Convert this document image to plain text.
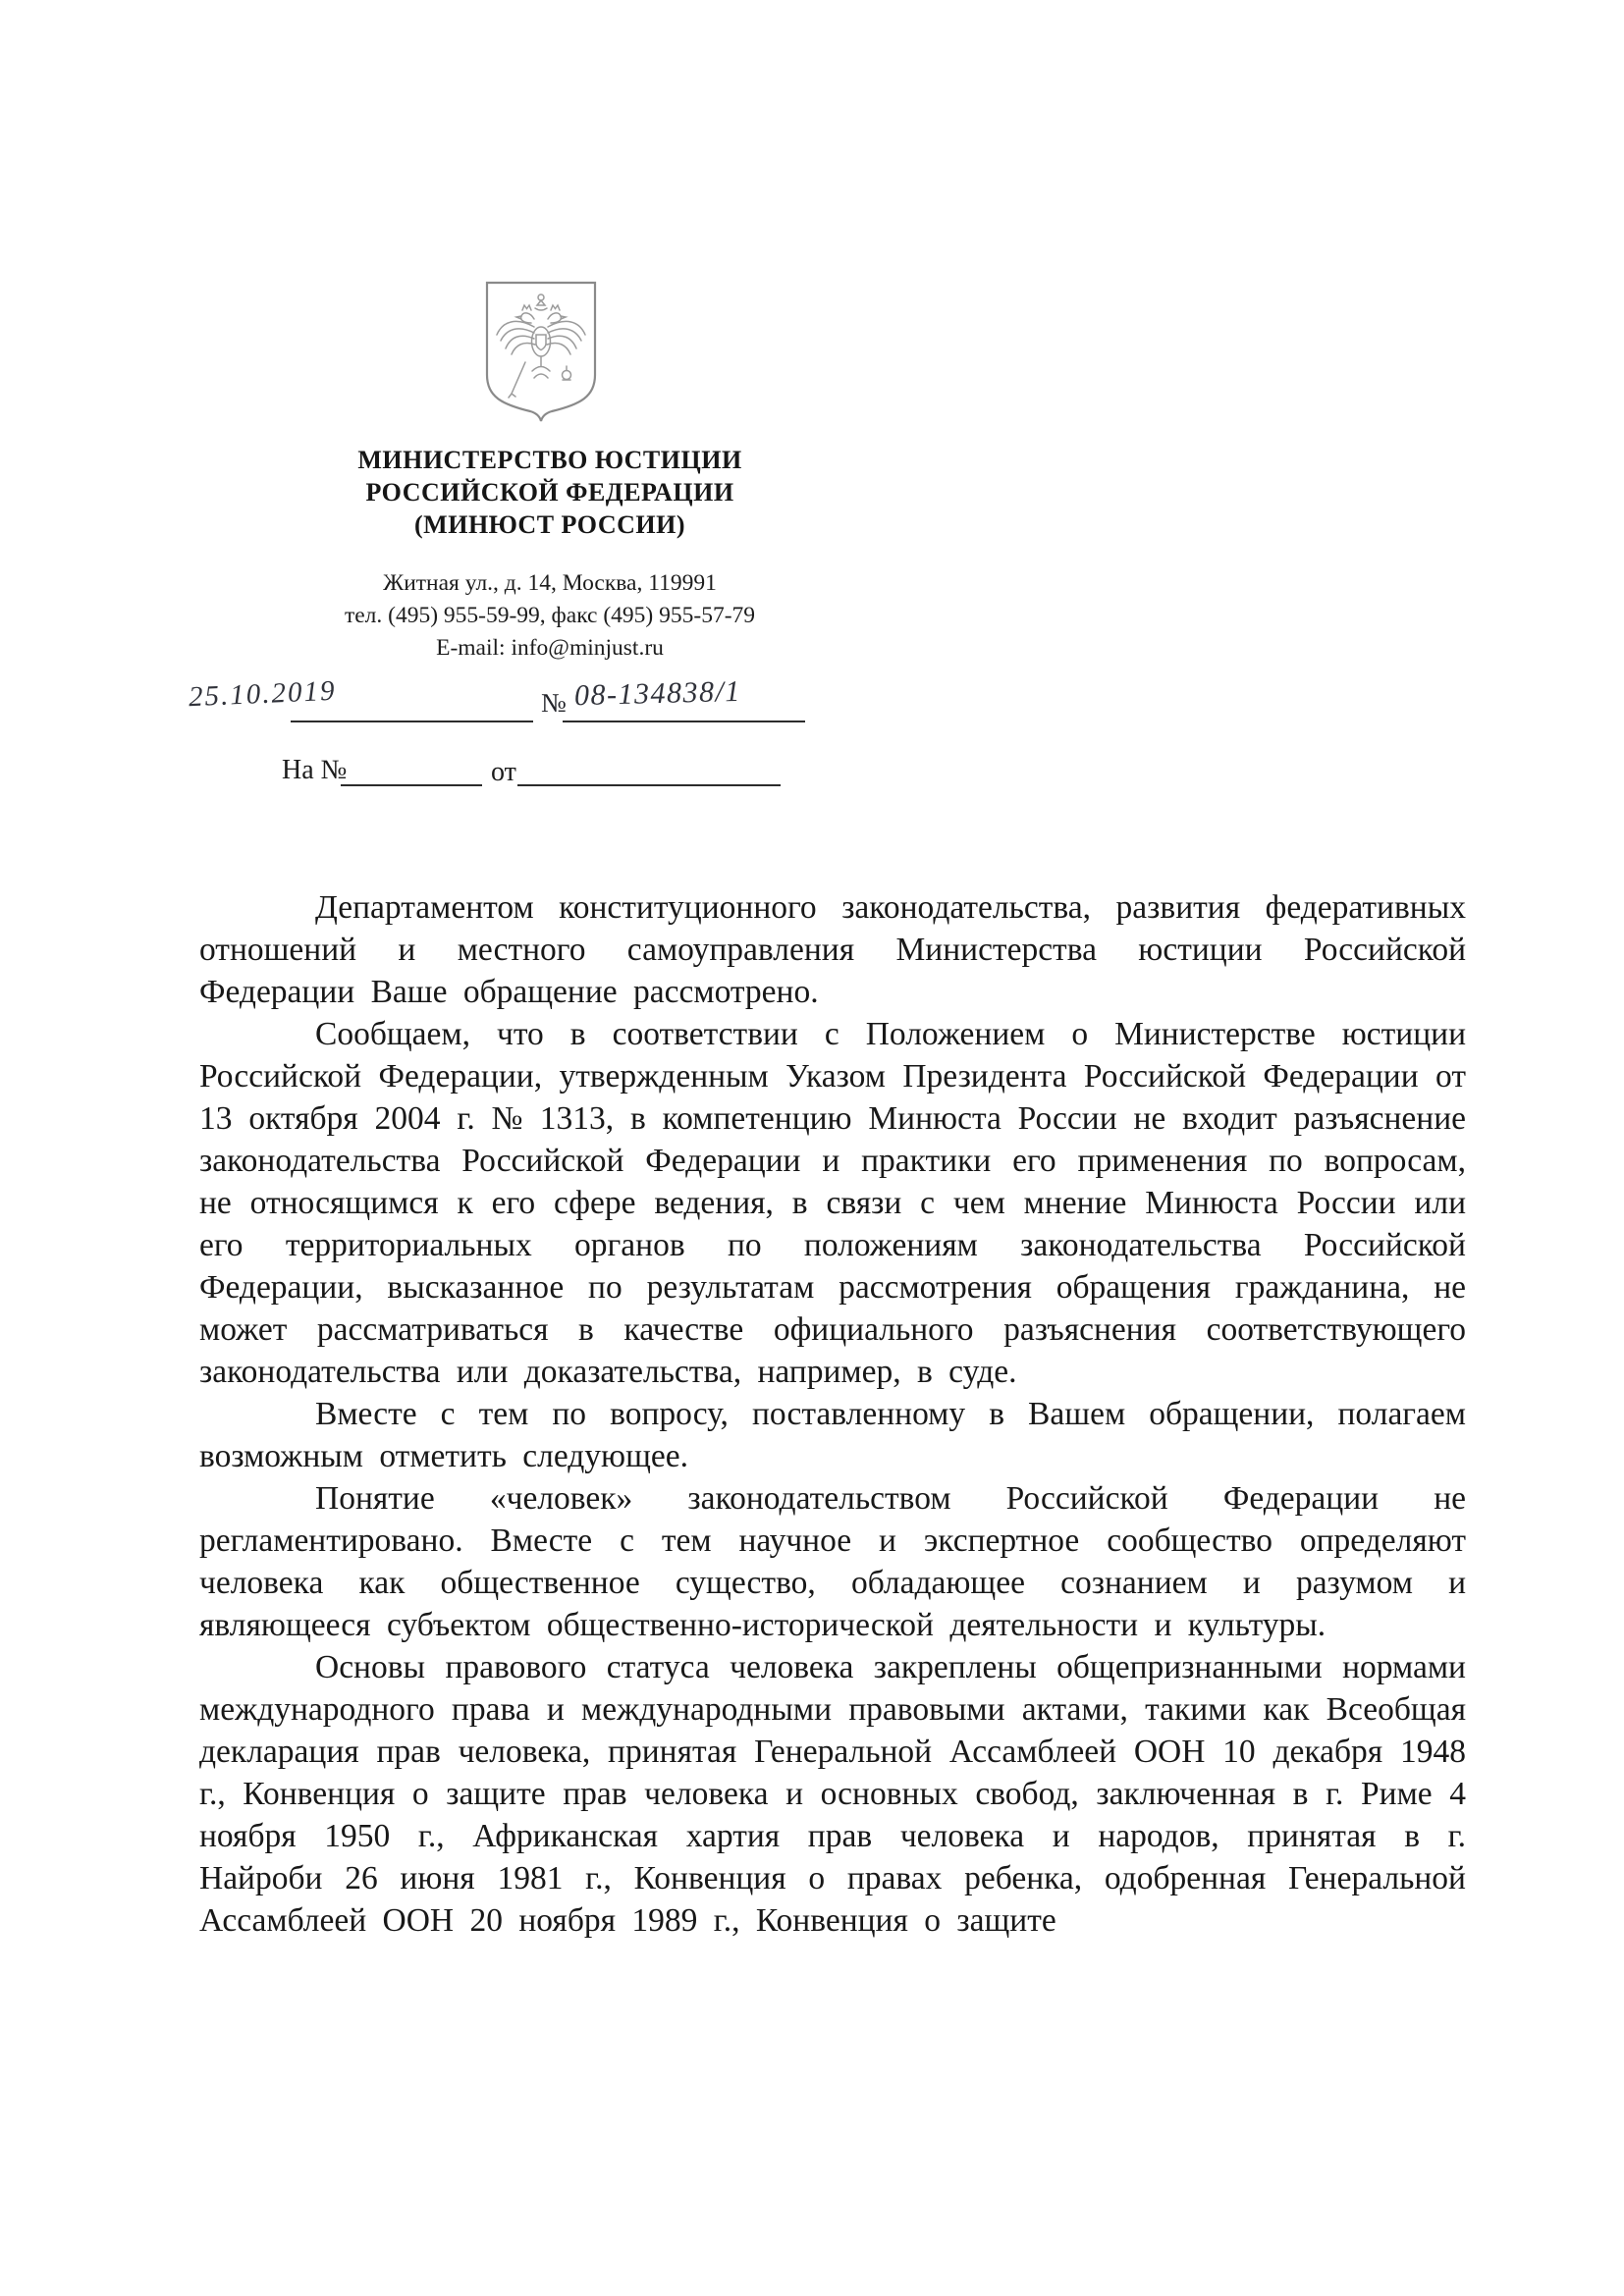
МИНИСТЕРСТВО ЮСТИЦИИ
РОССИЙСКОЙ ФЕДЕРАЦИИ
(МИНЮСТ РОССИИ)
Житная ул., д. 14, Москва, 119991
тел. (495) 955-59-99, факс (495) 955-57-79
E-mail: info@minjust.ru
25.10.2019	№ 08-134838/1
На №	от

Департаментом конституционного законодательства, развития федеративных отношений и местного самоуправления Министерства юстиции Российской Федерации Ваше обращение рассмотрено.

Сообщаем, что в соответствии с Положением о Министерстве юстиции Российской Федерации, утвержденным Указом Президента Российской Федерации от 13 октября 2004 г. № 1313, в компетенцию Минюста России не входит разъяснение законодательства Российской Федерации и практики его применения по вопросам, не относящимся к его сфере ведения, в связи с чем мнение Минюста России или его территориальных органов по положениям законодательства Российской Федерации, высказанное по результатам рассмотрения обращения гражданина, не может рассматриваться в качестве официального разъяснения соответствующего законодательства или доказательства, например, в суде.

Вместе с тем по вопросу, поставленному в Вашем обращении, полагаем возможным отметить следующее.

Понятие «человек» законодательством Российской Федерации не регламентировано. Вместе с тем научное и экспертное сообщество определяют человека как общественное существо, обладающее сознанием и разумом и являющееся субъектом общественно-исторической деятельности и культуры.

Основы правового статуса человека закреплены общепризнанными нормами международного права и международными правовыми актами, такими как Всеобщая декларация прав человека, принятая Генеральной Ассамблеей ООН 10 декабря 1948 г., Конвенция о защите прав человека и основных свобод, заключенная в г. Риме 4 ноября 1950 г., Африканская хартия прав человека и народов, принятая в г. Найроби 26 июня 1981 г., Конвенция о правах ребенка, одобренная Генеральной Ассамблеей ООН 20 ноября 1989 г., Конвенция о защите
